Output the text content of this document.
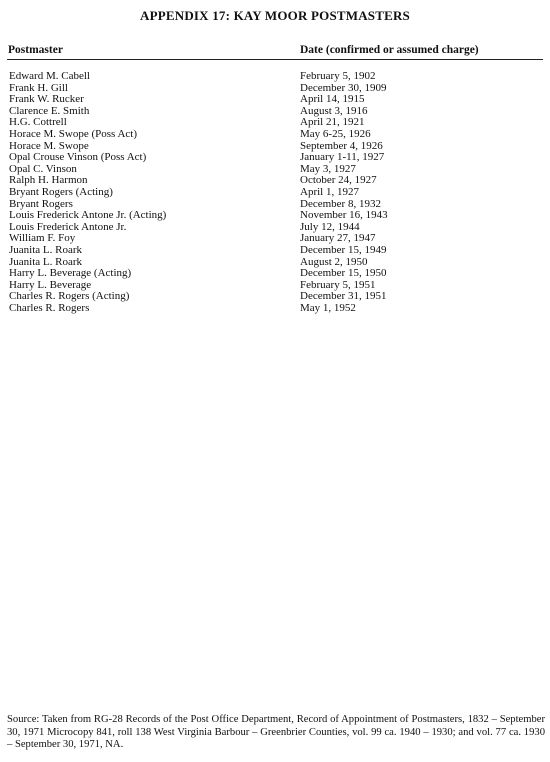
APPENDIX 17: KAY MOOR POSTMASTERS
Postmaster	Date (confirmed or assumed charge)
Edward M. Cabell	February 5, 1902
Frank H. Gill	December 30, 1909
Frank W. Rucker	April 14, 1915
Clarence E. Smith	August 3, 1916
H.G. Cottrell	April 21, 1921
Horace M. Swope (Poss Act)	May 6-25, 1926
Horace M. Swope	September 4, 1926
Opal Crouse Vinson (Poss Act)	January 1-11, 1927
Opal C. Vinson	May 3, 1927
Ralph H. Harmon	October 24, 1927
Bryant Rogers (Acting)	April 1, 1927
Bryant Rogers	December 8, 1932
Louis Frederick Antone Jr. (Acting)	November 16, 1943
Louis Frederick Antone Jr.	July 12, 1944
William F. Foy	January 27, 1947
Juanita L. Roark	December 15, 1949
Juanita L. Roark	August 2, 1950
Harry L. Beverage (Acting)	December 15, 1950
Harry L. Beverage	February 5, 1951
Charles R. Rogers (Acting)	December 31, 1951
Charles R. Rogers	May 1, 1952
Source: Taken from RG-28 Records of the Post Office Department, Record of Appointment of Postmasters, 1832 – September 30, 1971 Microcopy 841, roll 138 West Virginia Barbour – Greenbrier Counties, vol. 99 ca. 1940 – 1930; and vol. 77 ca. 1930 – September 30, 1971, NA.
